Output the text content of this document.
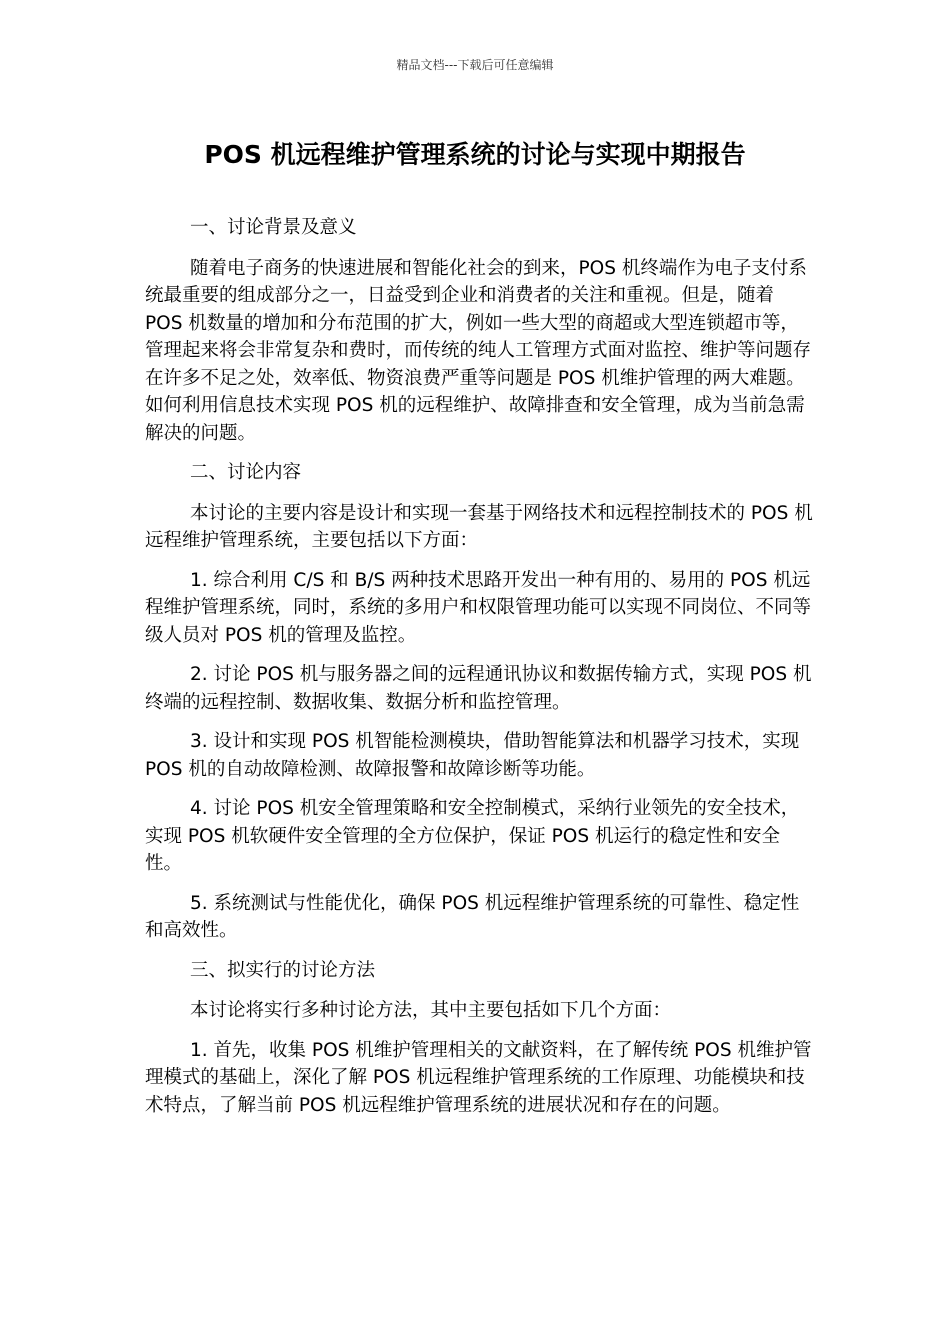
精品文档---下载后可任意编辑
POS 机远程维护管理系统的讨论与实现中期报告

一、讨论背景及意义

随着电子商务的快速进展和智能化社会的到来，POS 机终端作为电子支付系统最重要的组成部分之一，日益受到企业和消费者的关注和重视。但是，随着 POS 机数量的增加和分布范围的扩大，例如一些大型的商超或大型连锁超市等，管理起来将会非常复杂和费时，而传统的纯人工管理方式面对监控、维护等问题存在许多不足之处，效率低、物资浪费严重等问题是 POS 机维护管理的两大难题。如何利用信息技术实现 POS 机的远程维护、故障排查和安全管理，成为当前急需解决的问题。

二、讨论内容

本讨论的主要内容是设计和实现一套基于网络技术和远程控制技术的 POS 机远程维护管理系统，主要包括以下方面：

1. 综合利用 C/S 和 B/S 两种技术思路开发出一种有用的、易用的 POS 机远程维护管理系统，同时，系统的多用户和权限管理功能可以实现不同岗位、不同等级人员对 POS 机的管理及监控。

2. 讨论 POS 机与服务器之间的远程通讯协议和数据传输方式，实现 POS 机终端的远程控制、数据收集、数据分析和监控管理。

3. 设计和实现 POS 机智能检测模块，借助智能算法和机器学习技术，实现 POS 机的自动故障检测、故障报警和故障诊断等功能。

4. 讨论 POS 机安全管理策略和安全控制模式，采纳行业领先的安全技术，实现 POS 机软硬件安全管理的全方位保护，保证 POS 机运行的稳定性和安全性。

5. 系统测试与性能优化，确保 POS 机远程维护管理系统的可靠性、稳定性和高效性。

三、拟实行的讨论方法

本讨论将实行多种讨论方法，其中主要包括如下几个方面：

1. 首先，收集 POS 机维护管理相关的文献资料，在了解传统 POS 机维护管理模式的基础上，深化了解 POS 机远程维护管理系统的工作原理、功能模块和技术特点，了解当前 POS 机远程维护管理系统的进展状况和存在的问题。
